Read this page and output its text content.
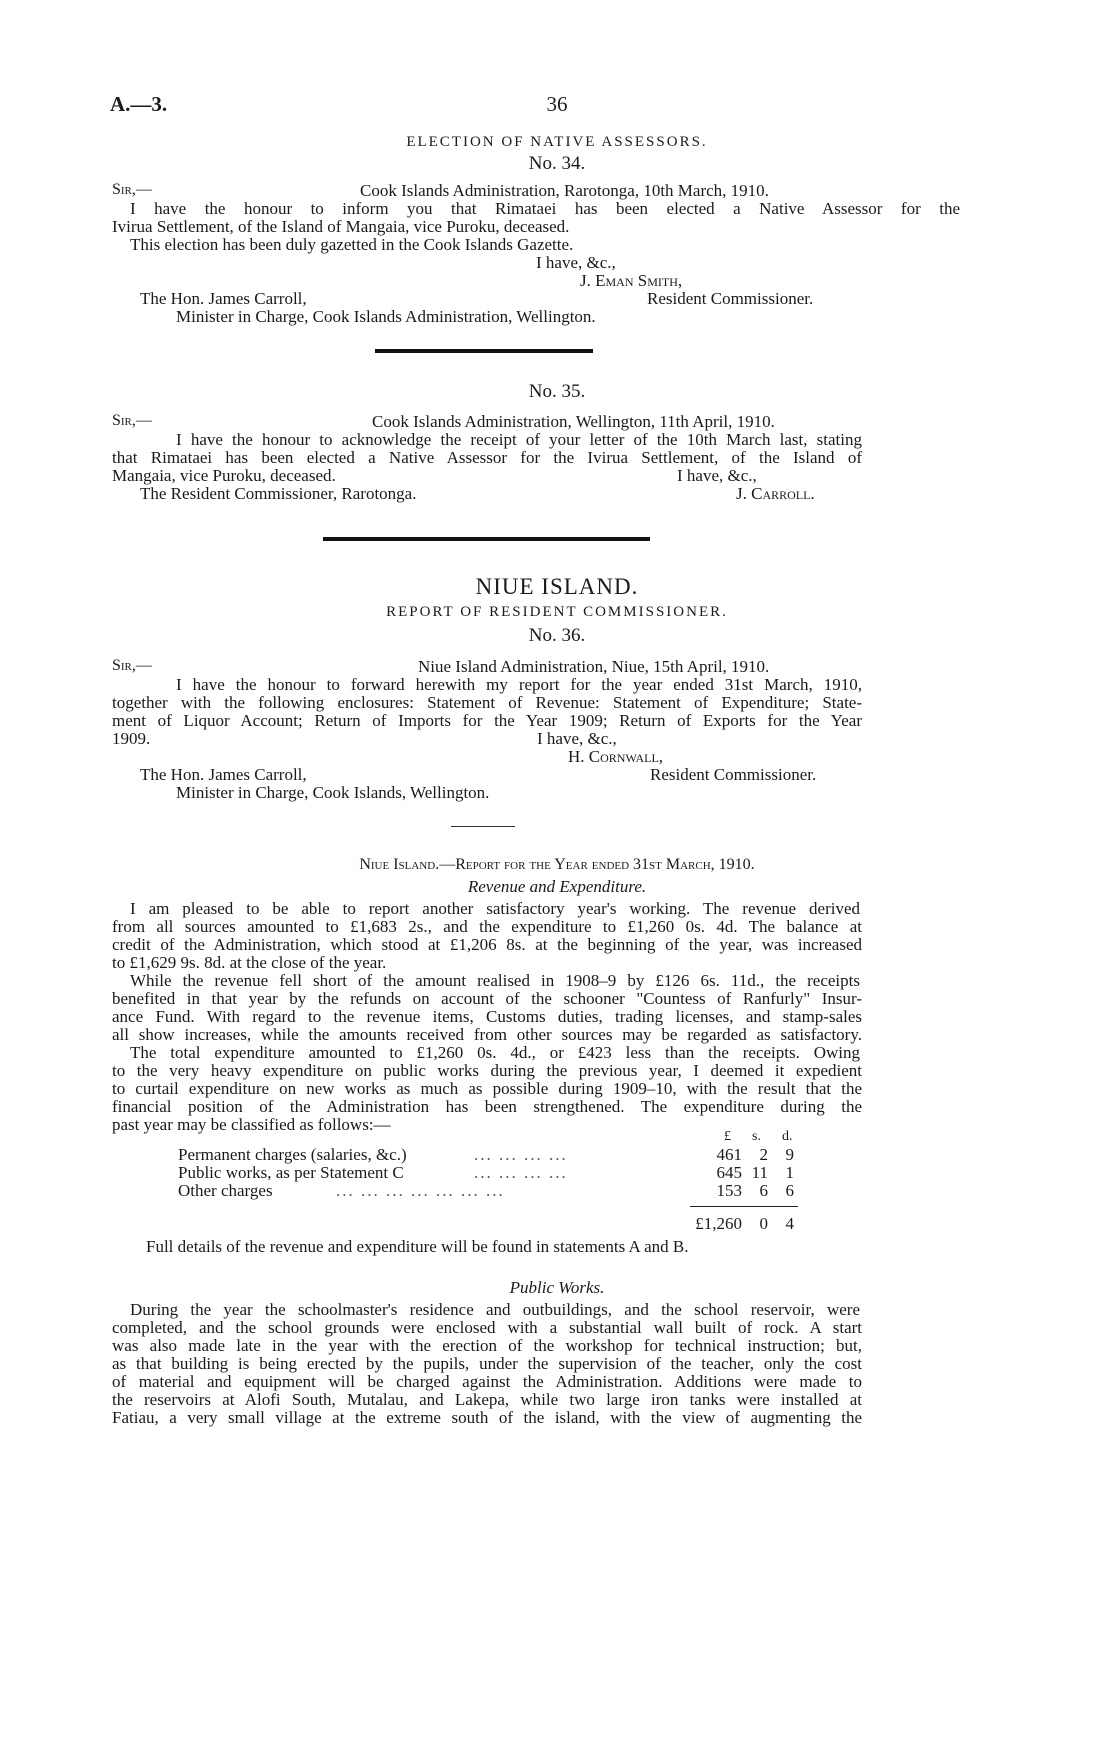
A.—3.	36
ELECTION OF NATIVE ASSESSORS.
No. 34.
Sir,—	Cook Islands Administration, Rarotonga, 10th March, 1910.
I have the honour to inform you that Rimataei has been elected a Native Assessor for the
Ivirua Settlement, of the Island of Mangaia, vice Puroku, deceased.
This election has been duly gazetted in the Cook Islands Gazette.
I have, &c.,
J. Eman Smith,
The Hon. James Carroll,	Resident Commissioner.
Minister in Charge, Cook Islands Administration, Wellington.
No. 35.
Sir,—	Cook Islands Administration, Wellington, 11th April, 1910.
I have the honour to acknowledge the receipt of your letter of the 10th March last, stating
that Rimataei has been elected a Native Assessor for the Ivirua Settlement, of the Island of
Mangaia, vice Puroku, deceased.	I have, &c.,
The Resident Commissioner, Rarotonga.	J. Carroll.
NIUE ISLAND.
REPORT OF RESIDENT COMMISSIONER.
No. 36.
Sir,—	Niue Island Administration, Niue, 15th April, 1910.
I have the honour to forward herewith my report for the year ended 31st March, 1910,
together with the following enclosures: Statement of Revenue: Statement of Expenditure; State-
ment of Liquor Account; Return of Imports for the Year 1909; Return of Exports for the Year
1909.	I have, &c.,
H. Cornwall,
The Hon. James Carroll,	Resident Commissioner.
Minister in Charge, Cook Islands, Wellington.
Niue Island.—Report for the Year ended 31st March, 1910.
Revenue and Expenditure.
I am pleased to be able to report another satisfactory year's working. The revenue derived
from all sources amounted to £1,683 2s., and the expenditure to £1,260 0s. 4d. The balance at
credit of the Administration, which stood at £1,206 8s. at the beginning of the year, was increased
to £1,629 9s. 8d. at the close of the year.
While the revenue fell short of the amount realised in 1908–9 by £126 6s. 11d., the receipts
benefited in that year by the refunds on account of the schooner "Countess of Ranfurly" Insur-
ance Fund. With regard to the revenue items, Customs duties, trading licenses, and stamp-sales
all show increases, while the amounts received from other sources may be regarded as satisfactory.
The total expenditure amounted to £1,260 0s. 4d., or £423 less than the receipts. Owing
to the very heavy expenditure on public works during the previous year, I deemed it expedient
to curtail expenditure on new works as much as possible during 1909–10, with the result that the
financial position of the Administration has been strengthened. The expenditure during the
past year may be classified as follows:—
£ s. d.
Permanent charges (salaries, &c.)	... ... ... ...	461	2	9
Public works, as per Statement C	... ... ... ...	645 11	1
Other charges	... ... ... ... ... ... ...	153	6	6
£1,260	0	4
Full details of the revenue and expenditure will be found in statements A and B.
Public Works.
During the year the schoolmaster's residence and outbuildings, and the school reservoir, were
completed, and the school grounds were enclosed with a substantial wall built of rock. A start
was also made late in the year with the erection of the workshop for technical instruction; but,
as that building is being erected by the pupils, under the supervision of the teacher, only the cost
of material and equipment will be charged against the Administration. Additions were made to
the reservoirs at Alofi South, Mutalau, and Lakepa, while two large iron tanks were installed at
Fatiau, a very small village at the extreme south of the island, with the view of augmenting the
